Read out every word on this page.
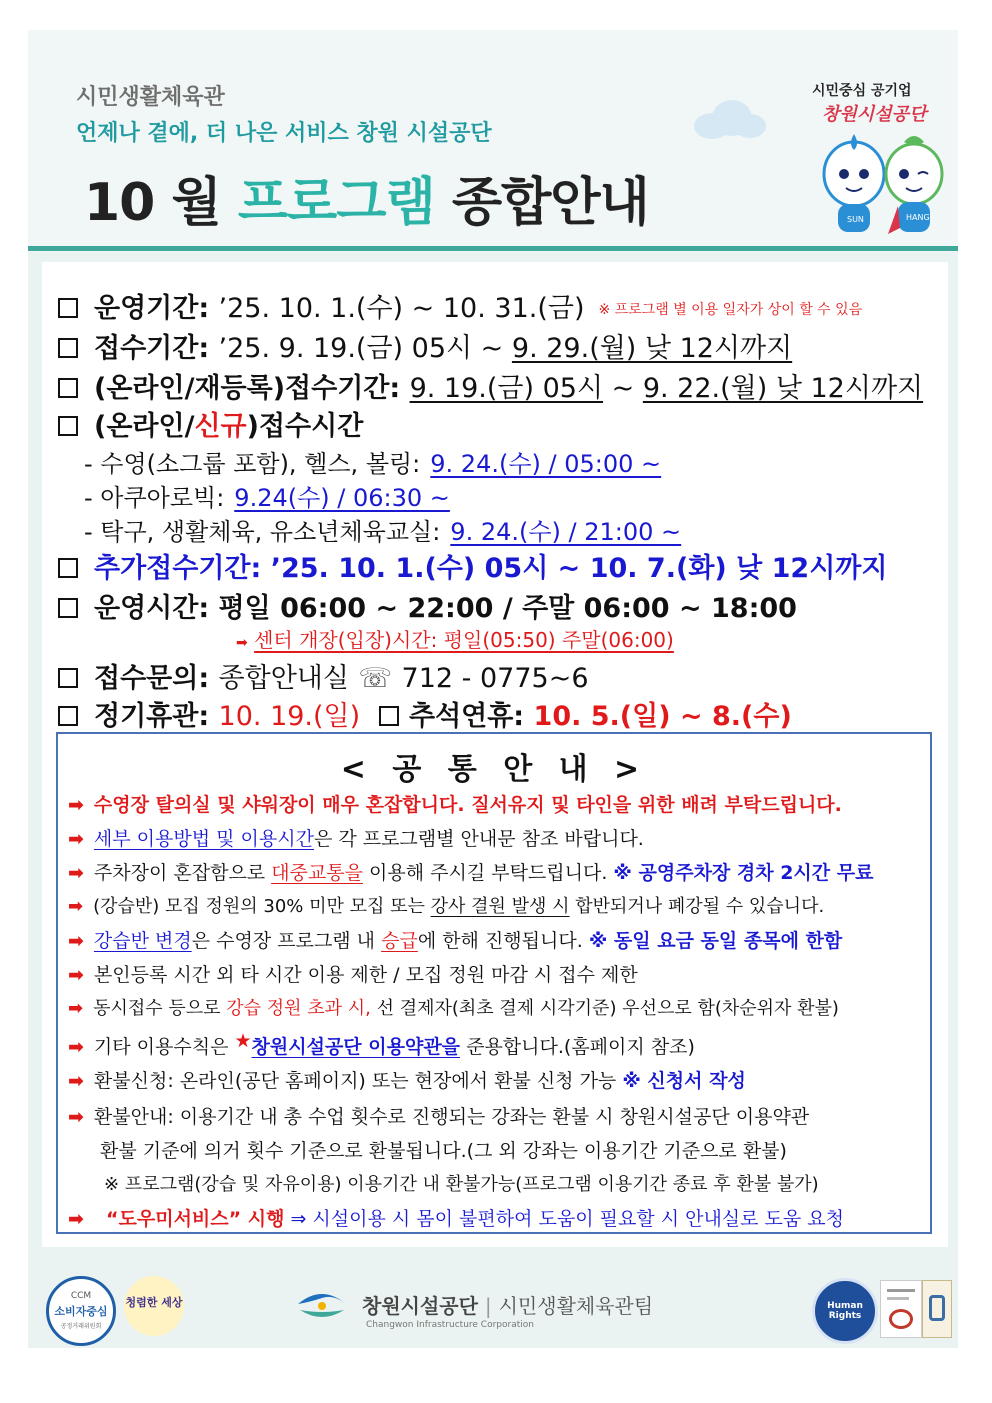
시민생활체육관
언제나 곁에, 더 나은 서비스 창원 시설공단
10 월 프로그램 종합안내
시민중심 공기업
창원시설공단
SUN	HANG
운영기간: ’25. 10. 1.(수) ~ 10. 31.(금) ※ 프로그램 별 이용 일자가 상이 할 수 있음
접수기간: ’25. 9. 19.(금) 05시 ~ 9. 29.(월) 낮 12시까지
(온라인/재등록)접수기간: 9. 19.(금) 05시 ~ 9. 22.(월) 낮 12시까지
(온라인/신규)접수시간
- 수영(소그룹 포함), 헬스, 볼링: 9. 24.(수) / 05:00 ~
- 아쿠아로빅: 9.24(수) / 06:30 ~
- 탁구, 생활체육, 유소년체육교실: 9. 24.(수) / 21:00 ~
추가접수기간: ’25. 10. 1.(수) 05시 ~ 10. 7.(화) 낮 12시까지
운영시간: 평일 06:00 ~ 22:00 / 주말 06:00 ~ 18:00
➡ 센터 개장(입장)시간: 평일(05:50) 주말(06:00)
접수문의: 종합안내실 ☏ 712 - 0775~6
정기휴관: 10. 19.(일) 추석연휴: 10. 5.(일) ~ 8.(수)
< 공 통 안 내 >
➡ 수영장 탈의실 및 샤워장이 매우 혼잡합니다. 질서유지 및 타인을 위한 배려 부탁드립니다.
➡ 세부 이용방법 및 이용시간은 각 프로그램별 안내문 참조 바랍니다.
➡ 주차장이 혼잡함으로 대중교통을 이용해 주시길 부탁드립니다. ※ 공영주차장 경차 2시간 무료
➡ (강습반) 모집 정원의 30% 미만 모집 또는 강사 결원 발생 시 합반되거나 폐강될 수 있습니다.
➡ 강습반 변경은 수영장 프로그램 내 승급에 한해 진행됩니다. ※ 동일 요금 동일 종목에 한함
➡ 본인등록 시간 외 타 시간 이용 제한 / 모집 정원 마감 시 접수 제한
➡ 동시접수 등으로 강습 정원 초과 시, 선 결제자(최초 결제 시각기준) 우선으로 함(차순위자 환불)
➡ 기타 이용수칙은 ★창원시설공단 이용약관을 준용합니다.(홈페이지 참조)
➡ 환불신청: 온라인(공단 홈페이지) 또는 현장에서 환불 신청 가능 ※ 신청서 작성
➡ 환불안내: 이용기간 내 총 수업 횟수로 진행되는 강좌는 환불 시 창원시설공단 이용약관
환불 기준에 의거 횟수 기준으로 환불됩니다.(그 외 강좌는 이용기간 기준으로 환불)
※ 프로그램(강습 및 자유이용) 이용기간 내 환불가능(프로그램 이용기간 종료 후 환불 불가)
➡ “도우미서비스” 시행 ⇒ 시설이용 시 몸이 불편하여 도움이 필요할 시 안내실로 도움 요청
CCM
소비자중심
공정거래위원회
청렴한 세상	창원시설공단 | 시민생활체육관팀
Changwon Infrastructure Corporation
Human Rights
